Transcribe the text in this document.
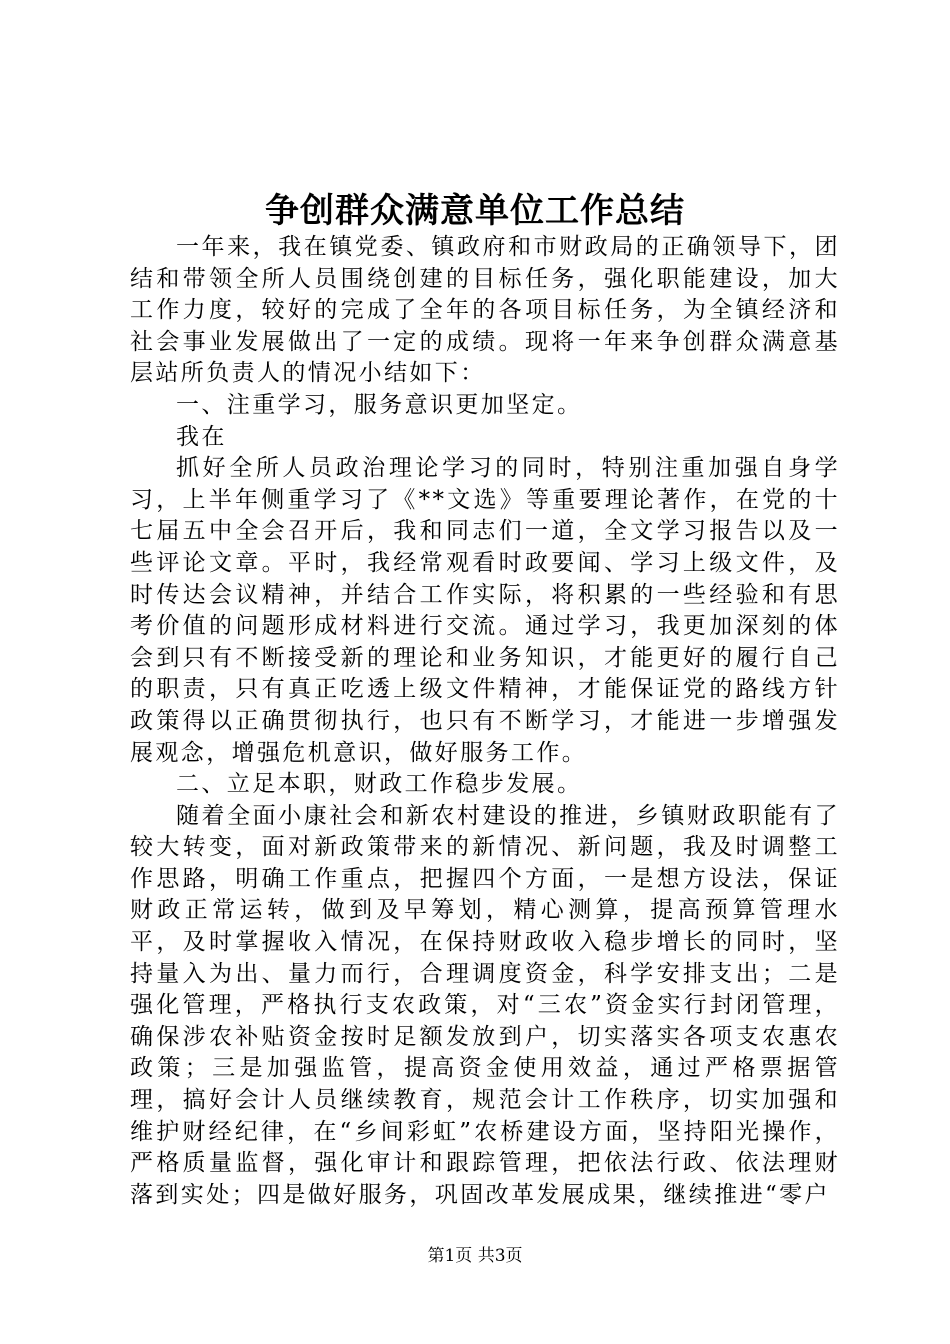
争创群众满意单位工作总结

一年来，我在镇党委、镇政府和市财政局的正确领导下，团结和带领全所人员围绕创建的目标任务，强化职能建设，加大工作力度，较好的完成了全年的各项目标任务，为全镇经济和社会事业发展做出了一定的成绩。现将一年来争创群众满意基层站所负责人的情况小结如下：

一、注重学习，服务意识更加坚定。

我在

抓好全所人员政治理论学习的同时，特别注重加强自身学习，上半年侧重学习了《**文选》等重要理论著作，在党的十七届五中全会召开后，我和同志们一道，全文学习报告以及一些评论文章。平时，我经常观看时政要闻、学习上级文件，及时传达会议精神，并结合工作实际，将积累的一些经验和有思考价值的问题形成材料进行交流。通过学习，我更加深刻的体会到只有不断接受新的理论和业务知识，才能更好的履行自己的职责，只有真正吃透上级文件精神，才能保证党的路线方针政策得以正确贯彻执行，也只有不断学习，才能进一步增强发展观念，增强危机意识，做好服务工作。

二、立足本职，财政工作稳步发展。

随着全面小康社会和新农村建设的推进，乡镇财政职能有了较大转变，面对新政策带来的新情况、新问题，我及时调整工作思路，明确工作重点，把握四个方面，一是想方设法，保证财政正常运转，做到及早筹划，精心测算，提高预算管理水平，及时掌握收入情况，在保持财政收入稳步增长的同时，坚持量入为出、量力而行，合理调度资金，科学安排支出；二是强化管理，严格执行支农政策，对“三农”资金实行封闭管理，确保涉农补贴资金按时足额发放到户，切实落实各项支农惠农政策；三是加强监管，提高资金使用效益，通过严格票据管理，搞好会计人员继续教育，规范会计工作秩序，切实加强和维护财经纪律，在“乡间彩虹”农桥建设方面，坚持阳光操作，严格质量监督，强化审计和跟踪管理，把依法行政、依法理财落到实处；四是做好服务，巩固改革发展成果，继续推进“零户

第1页 共3页
